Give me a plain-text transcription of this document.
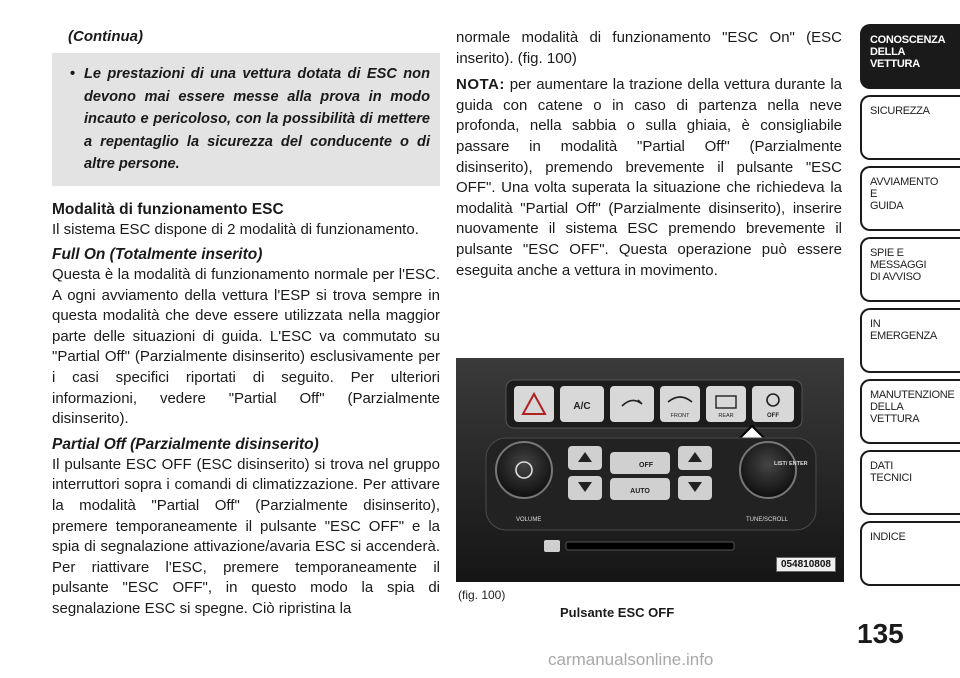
(Continua)

• Le prestazioni di una vettura dotata di ESC non devono mai essere messe alla prova in modo incauto e pericoloso, con la possibilità di mettere a repentaglio la sicurezza del conducente o di altre persone.

Modalità di funzionamento ESC

Il sistema ESC dispone di 2 modalità di funzionamento.

Full On (Totalmente inserito)

Questa è la modalità di funzionamento normale per l'ESC. A ogni avviamento della vettura l'ESP si trova sempre in questa modalità che deve essere utilizzata nella maggior parte delle situazioni di guida. L'ESC va commutato su "Partial Off" (Parzialmente disinserito) esclusivamente per i casi specifici riportati di seguito. Per ulteriori informazioni, vedere "Partial Off" (Parzialmente disinserito).

Partial Off (Parzialmente disinserito)

Il pulsante ESC OFF (ESC disinserito) si trova nel gruppo interruttori sopra i comandi di climatizzazione. Per attivare la modalità "Partial Off" (Parzialmente disinserito), premere temporaneamente il pulsante "ESC OFF" e la spia di segnalazione attivazione/avaria ESC si accenderà. Per riattivare l'ESC, premere temporaneamente il pulsante "ESC OFF", in questo modo la spia di segnalazione ESC si spegne. Ciò ripristina la

normale modalità di funzionamento "ESC On" (ESC inserito). (fig. 100)

NOTA: per aumentare la trazione della vettura durante la guida con catene o in caso di partenza nella neve profonda, nella sabbia o sulla ghiaia, è consigliabile passare in modalità "Partial Off" (Parzialmente disinserito), premendo brevemente il pulsante "ESC OFF". Una volta superata la situazione che richiedeva la modalità "Partial Off" (Parzialmente disinserito), inserire nuovamente il sistema ESC premendo brevemente il pulsante "ESC OFF". Questa operazione può essere eseguita anche a vettura in movimento.

A/C
FRONT	REAR	OFF
VOLUME
OFF
AUTO
LIST/ ENTER
TUNE/SCROLL
054810808
(fig. 100)
Pulsante ESC OFF
CONOSCENZA
DELLA
VETTURA
SICUREZZA
AVVIAMENTO
E
GUIDA
SPIE E
MESSAGGI
DI AVVISO
IN
EMERGENZA
MANUTENZIONE
DELLA
VETTURA
DATI
TECNICI
INDICE
135
carmanualsonline.info
